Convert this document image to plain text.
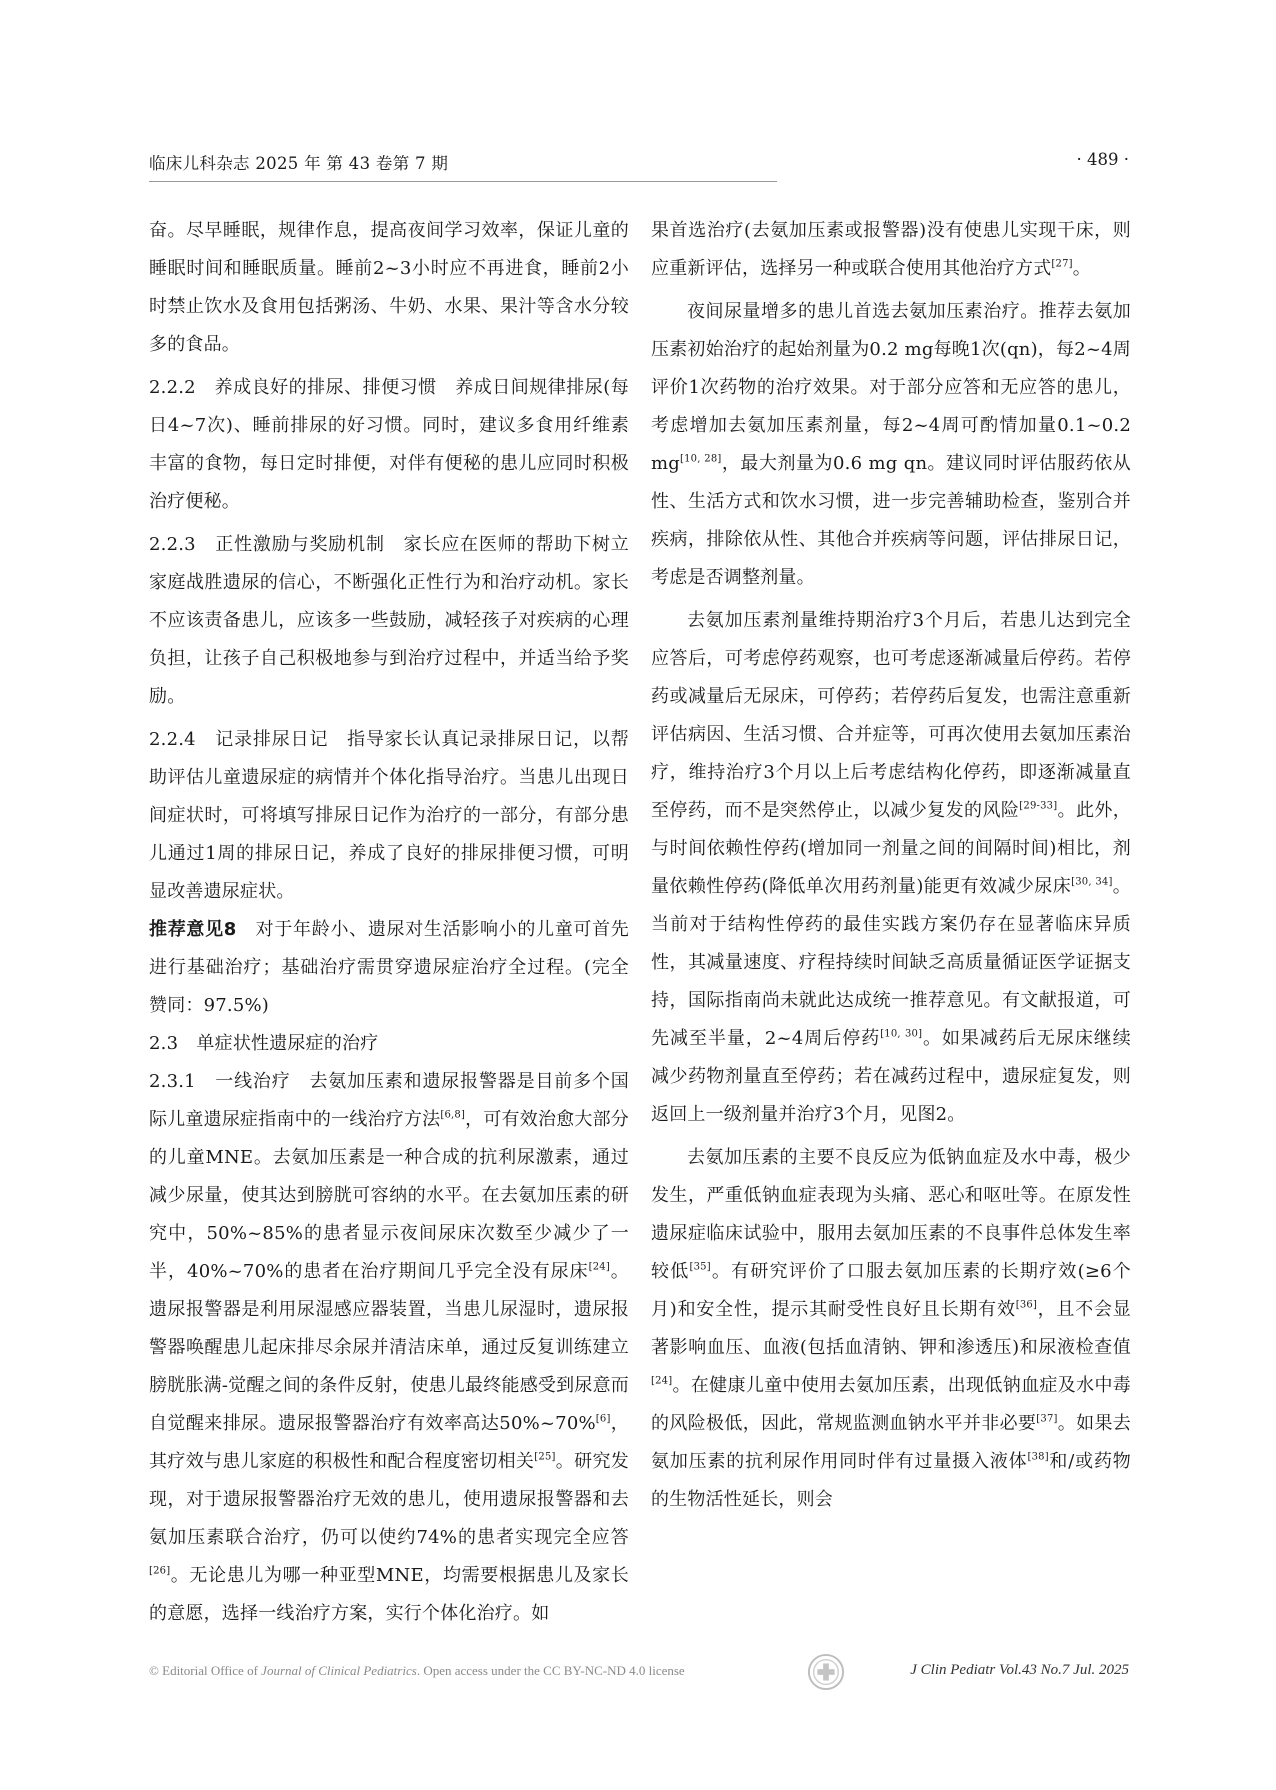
临床儿科杂志 2025 年 第 43 卷第 7 期	· 489 ·

奋。尽早睡眠，规律作息，提高夜间学习效率，保证儿童的睡眠时间和睡眠质量。睡前2~3小时应不再进食，睡前2小时禁止饮水及食用包括粥汤、牛奶、水果、果汁等含水分较多的食品。

2.2.2　养成良好的排尿、排便习惯　养成日间规律排尿(每日4~7次)、睡前排尿的好习惯。同时，建议多食用纤维素丰富的食物，每日定时排便，对伴有便秘的患儿应同时积极治疗便秘。

2.2.3　正性激励与奖励机制　家长应在医师的帮助下树立家庭战胜遗尿的信心，不断强化正性行为和治疗动机。家长不应该责备患儿，应该多一些鼓励，减轻孩子对疾病的心理负担，让孩子自己积极地参与到治疗过程中，并适当给予奖励。

2.2.4　记录排尿日记　指导家长认真记录排尿日记，以帮助评估儿童遗尿症的病情并个体化指导治疗。当患儿出现日间症状时，可将填写排尿日记作为治疗的一部分，有部分患儿通过1周的排尿日记，养成了良好的排尿排便习惯，可明显改善遗尿症状。

推荐意见8　对于年龄小、遗尿对生活影响小的儿童可首先进行基础治疗；基础治疗需贯穿遗尿症治疗全过程。(完全赞同：97.5%)

2.3　单症状性遗尿症的治疗

2.3.1　一线治疗　去氨加压素和遗尿报警器是目前多个国际儿童遗尿症指南中的一线治疗方法[6,8]，可有效治愈大部分的儿童MNE。去氨加压素是一种合成的抗利尿激素，通过减少尿量，使其达到膀胱可容纳的水平。在去氨加压素的研究中，50%~85%的患者显示夜间尿床次数至少减少了一半，40%~70%的患者在治疗期间几乎完全没有尿床[24]。遗尿报警器是利用尿湿感应器装置，当患儿尿湿时，遗尿报警器唤醒患儿起床排尽余尿并清洁床单，通过反复训练建立膀胱胀满-觉醒之间的条件反射，使患儿最终能感受到尿意而自觉醒来排尿。遗尿报警器治疗有效率高达50%~70%[6]，其疗效与患儿家庭的积极性和配合程度密切相关[25]。研究发现，对于遗尿报警器治疗无效的患儿，使用遗尿报警器和去氨加压素联合治疗，仍可以使约74%的患者实现完全应答[26]。无论患儿为哪一种亚型MNE，均需要根据患儿及家长的意愿，选择一线治疗方案，实行个体化治疗。如

果首选治疗(去氨加压素或报警器)没有使患儿实现干床，则应重新评估，选择另一种或联合使用其他治疗方式[27]。

夜间尿量增多的患儿首选去氨加压素治疗。推荐去氨加压素初始治疗的起始剂量为0.2 mg每晚1次(qn)，每2~4周评价1次药物的治疗效果。对于部分应答和无应答的患儿，考虑增加去氨加压素剂量，每2~4周可酌情加量0.1~0.2 mg[10, 28]，最大剂量为0.6 mg qn。建议同时评估服药依从性、生活方式和饮水习惯，进一步完善辅助检查，鉴别合并疾病，排除依从性、其他合并疾病等问题，评估排尿日记，考虑是否调整剂量。

去氨加压素剂量维持期治疗3个月后，若患儿达到完全应答后，可考虑停药观察，也可考虑逐渐减量后停药。若停药或减量后无尿床，可停药；若停药后复发，也需注意重新评估病因、生活习惯、合并症等，可再次使用去氨加压素治疗，维持治疗3个月以上后考虑结构化停药，即逐渐减量直至停药，而不是突然停止，以减少复发的风险[29-33]。此外，与时间依赖性停药(增加同一剂量之间的间隔时间)相比，剂量依赖性停药(降低单次用药剂量)能更有效减少尿床[30, 34]。当前对于结构性停药的最佳实践方案仍存在显著临床异质性，其减量速度、疗程持续时间缺乏高质量循证医学证据支持，国际指南尚未就此达成统一推荐意见。有文献报道，可先减至半量，2~4周后停药[10, 30]。如果减药后无尿床继续减少药物剂量直至停药；若在减药过程中，遗尿症复发，则返回上一级剂量并治疗3个月，见图2。

去氨加压素的主要不良反应为低钠血症及水中毒，极少发生，严重低钠血症表现为头痛、恶心和呕吐等。在原发性遗尿症临床试验中，服用去氨加压素的不良事件总体发生率较低[35]。有研究评价了口服去氨加压素的长期疗效(≥6个月)和安全性，提示其耐受性良好且长期有效[36]，且不会显著影响血压、血液(包括血清钠、钾和渗透压)和尿液检查值[24]。在健康儿童中使用去氨加压素，出现低钠血症及水中毒的风险极低，因此，常规监测血钠水平并非必要[37]。如果去氨加压素的抗利尿作用同时伴有过量摄入液体[38]和/或药物的生物活性延长，则会

© Editorial Office of Journal of Clinical Pediatrics. Open access under the CC BY-NC-ND 4.0 license	J Clin Pediatr Vol.43 No.7 Jul. 2025
